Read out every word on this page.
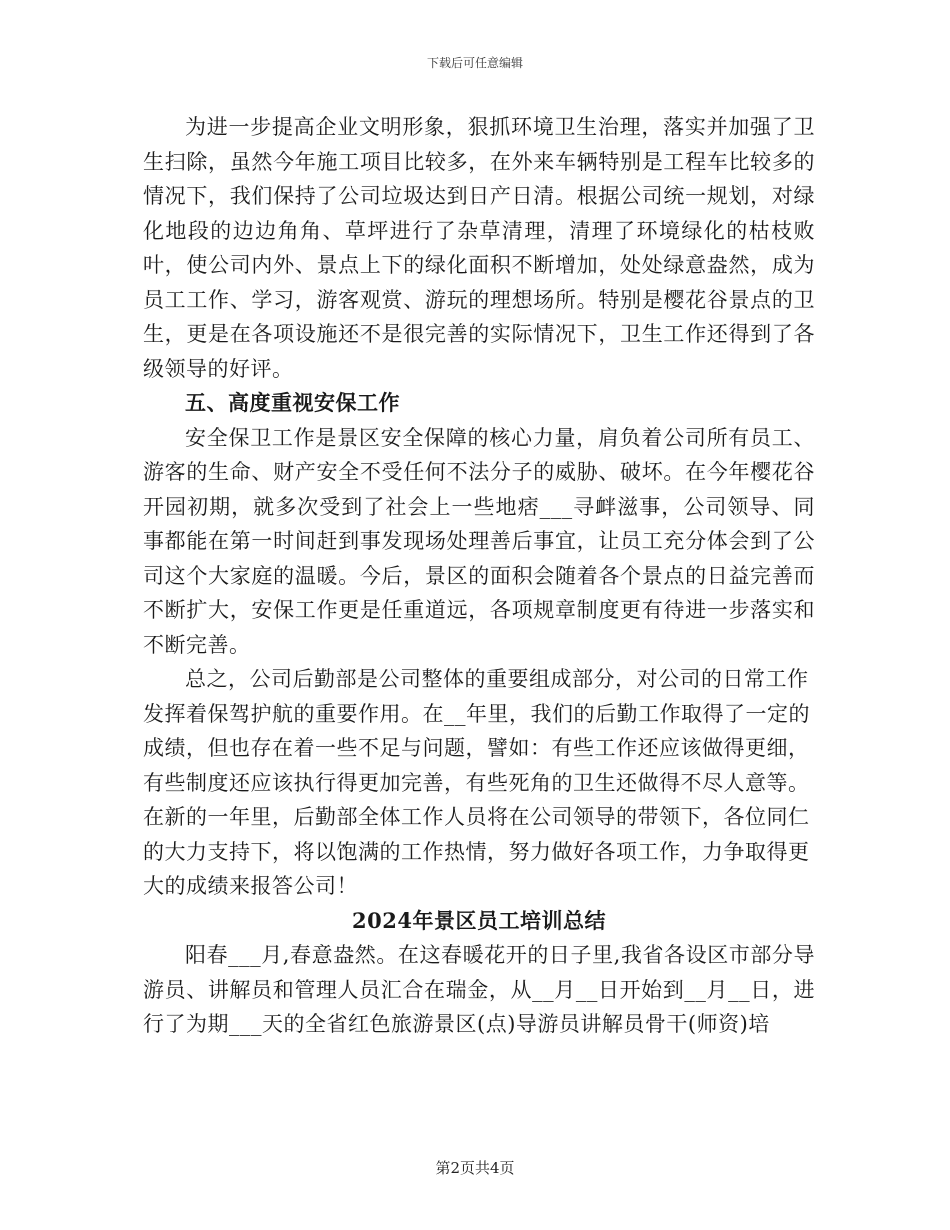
下载后可任意编辑

为进一步提高企业文明形象，狠抓环境卫生治理，落实并加强了卫生扫除，虽然今年施工项目比较多，在外来车辆特别是工程车比较多的情况下，我们保持了公司垃圾达到日产日清。根据公司统一规划，对绿化地段的边边角角、草坪进行了杂草清理，清理了环境绿化的枯枝败叶，使公司内外、景点上下的绿化面积不断增加，处处绿意盎然，成为员工工作、学习，游客观赏、游玩的理想场所。特别是樱花谷景点的卫生，更是在各项设施还不是很完善的实际情况下，卫生工作还得到了各级领导的好评。

五、高度重视安保工作

安全保卫工作是景区安全保障的核心力量，肩负着公司所有员工、游客的生命、财产安全不受任何不法分子的威胁、破坏。在今年樱花谷开园初期，就多次受到了社会上一些地痞___寻衅滋事，公司领导、同事都能在第一时间赶到事发现场处理善后事宜，让员工充分体会到了公司这个大家庭的温暖。今后，景区的面积会随着各个景点的日益完善而不断扩大，安保工作更是任重道远，各项规章制度更有待进一步落实和不断完善。

总之，公司后勤部是公司整体的重要组成部分，对公司的日常工作发挥着保驾护航的重要作用。在__年里，我们的后勤工作取得了一定的成绩，但也存在着一些不足与问题，譬如：有些工作还应该做得更细，有些制度还应该执行得更加完善，有些死角的卫生还做得不尽人意等。在新的一年里，后勤部全体工作人员将在公司领导的带领下，各位同仁的大力支持下，将以饱满的工作热情，努力做好各项工作，力争取得更大的成绩来报答公司！

2024年景区员工培训总结

阳春___月,春意盎然。在这春暖花开的日子里,我省各设区市部分导游员、讲解员和管理人员汇合在瑞金，从__月__日开始到__月__日，进行了为期___天的全省红色旅游景区(点)导游员讲解员骨干(师资)培

第2页共4页
